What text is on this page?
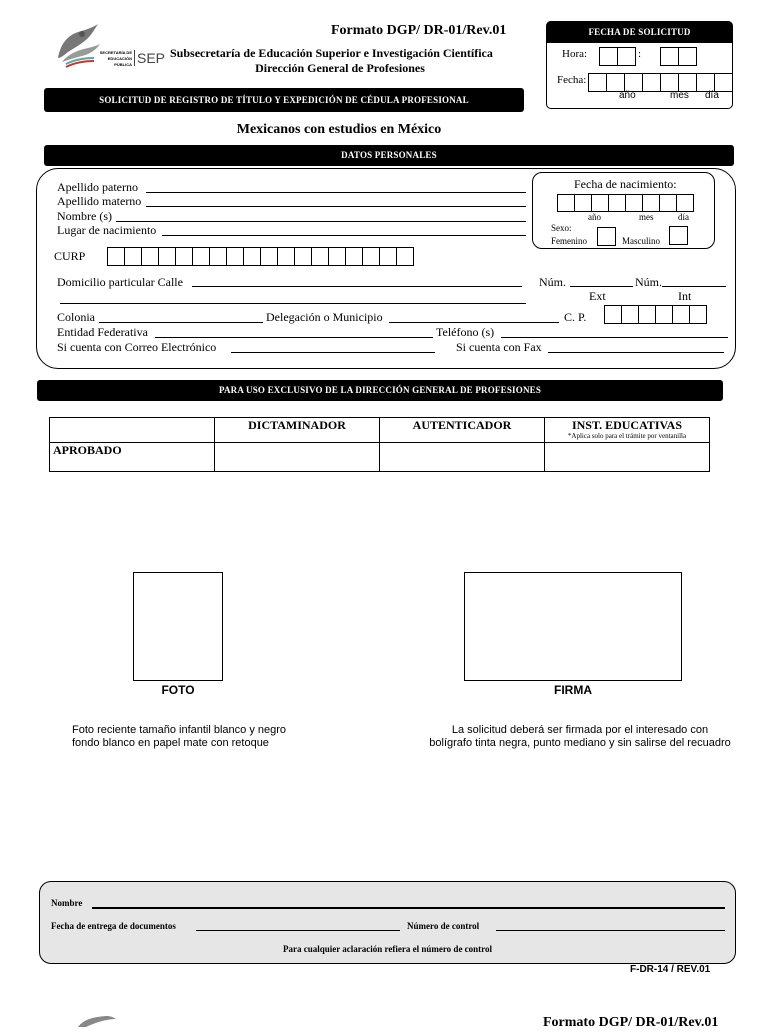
SECRETARÍA DE EDUCACIÓN PÚBLICA SEP
Formato DGP/ DR-01/Rev.01
Subsecretaría de Educación Superior e Investigación Científica
Dirección General de Profesiones
SOLICITUD DE REGISTRO DE TÍTULO Y EXPEDICIÓN DE CÉDULA PROFESIONAL
FECHA DE SOLICITUD
Hora:	:
Fecha:
año	mes día
Mexicanos con estudios en México
DATOS PERSONALES
Apellido paterno
Apellido materno
Nombre (s)
Lugar de nacimiento
CURP
Fecha de nacimiento:
año	mes	día
Sexo:
Femenino	Masculino
Domicilio particular Calle	Núm.	Núm.
Ext	Int
Colonia	Delegación o Municipio	C. P.
Entidad Federativa	Teléfono (s)
Si cuenta con Correo Electrónico	Si cuenta con Fax
PARA USO EXCLUSIVO DE LA DIRECCIÓN GENERAL DE PROFESIONES
	DICTAMINADOR	AUTENTICADOR	INST. EDUCATIVAS
*Aplica solo para el trámite por ventanilla

APROBADO			
FOTO	FIRMA
Foto reciente tamaño infantil blanco y negro
fondo blanco en papel mate con retoque
La solicitud deberá ser firmada por el interesado con
bolígrafo tinta negra, punto mediano y sin salirse del recuadro
Nombre
Fecha de entrega de documentos	Número de control
Para cualquier aclaración refiera el número de control
F-DR-14 / REV.01
Formato DGP/ DR-01/Rev.01
